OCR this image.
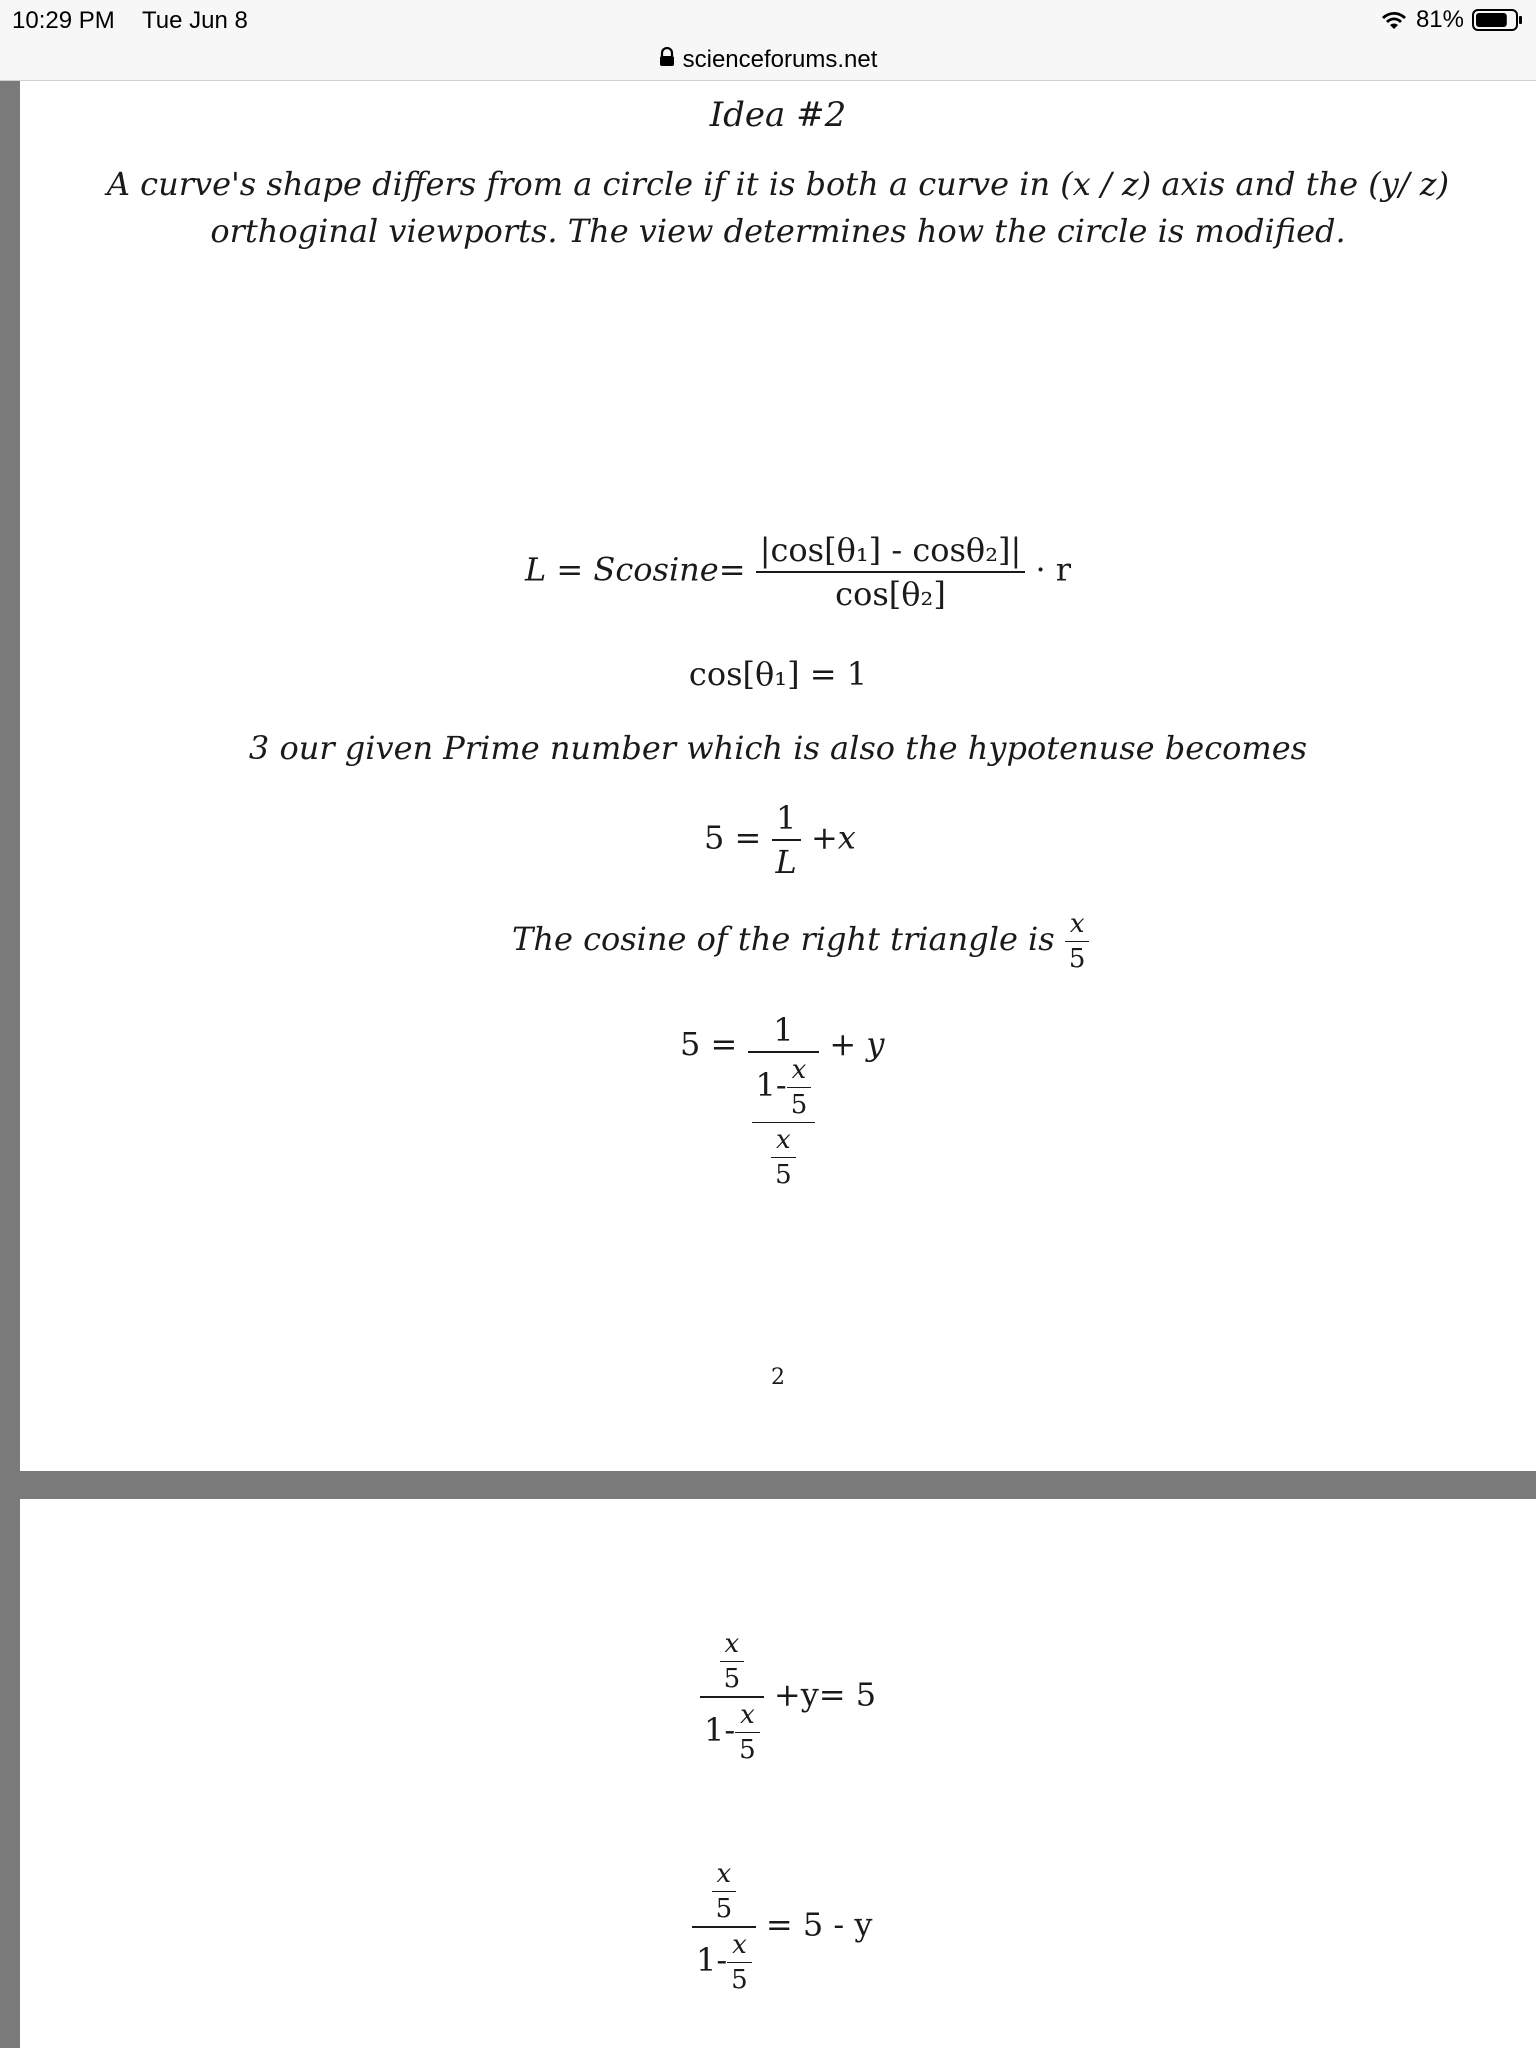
10:29 PM Tue Jun 8	81%
scienceforums.net
Idea #2
A curve's shape differs from a circle if it is both a curve in (x / z) axis and the (y/ z)
orthoginal viewports. The view determines how the circle is modified.
$L = Scosine= \frac{\text{|cos[θ₁] - cosθ₂]|}}{\text{cos[θ₂]}} \cdot r$
cos[θ₁] = 1
3 our given Prime number which is also the hypotenuse becomes
$5 = \frac{1}{L} +x$
The cosine of the right triangle is $\frac{x}{5}$
$5 = \frac{1}{\frac{1- \frac{x}{5}}{\frac{x}{5}}} + y$
2
$\frac{\frac{x}{5}}{1- \frac{x}{5}} +y= 5$
$\frac{\frac{x}{5}}{1- \frac{x}{5}} = 5 - y$
